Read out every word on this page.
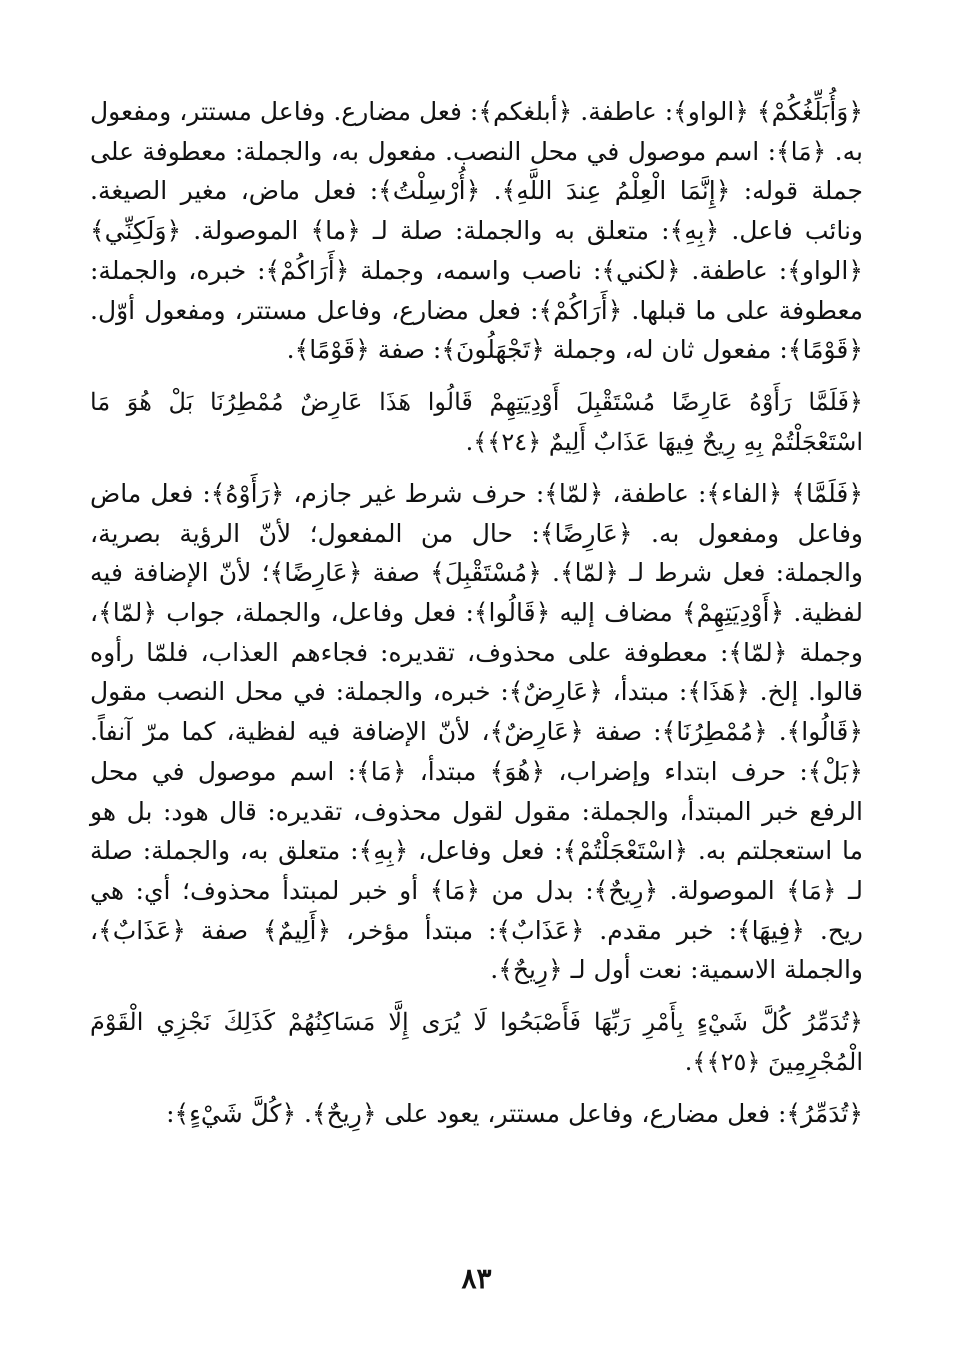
﴿وَأُبَلِّغُكُمْ﴾ ﴿الواو﴾: عاطفة. ﴿أبلغكم﴾: فعل مضارع. وفاعل مستتر، ومفعول به. ﴿مَا﴾: اسم موصول في محل النصب. مفعول به، والجملة: معطوفة على جملة قوله: ﴿إِنَّمَا الْعِلْمُ عِندَ اللَّهِ﴾. ﴿أُرْسِلْتُ﴾: فعل ماض، مغير الصيغة. ونائب فاعل. ﴿بِهِ﴾: متعلق به والجملة: صلة لـ ﴿ما﴾ الموصولة. ﴿وَلَكِنِّي﴾ ﴿الواو﴾: عاطفة. ﴿لكني﴾: ناصب واسمه، وجملة ﴿أَرَاكُمْ﴾: خبره، والجملة: معطوفة على ما قبلها. ﴿أَرَاكُمْ﴾: فعل مضارع، وفاعل مستتر، ومفعول أوّل. ﴿قَوْمًا﴾: مفعول ثان له، وجملة ﴿تَجْهَلُونَ﴾: صفة ﴿قَوْمًا﴾.

﴿فَلَمَّا رَأَوْهُ عَارِضًا مُسْتَقْبِلَ أَوْدِيَتِهِمْ قَالُوا هَذَا عَارِضٌ مُمْطِرُنَا بَلْ هُوَ مَا اسْتَعْجَلْتُمْ بِهِ رِيحٌ فِيهَا عَذَابٌ أَلِيمٌ ﴿٢٤﴾﴾.

﴿فَلَمَّا﴾ ﴿الفاء﴾: عاطفة، ﴿لمّا﴾: حرف شرط غير جازم، ﴿رَأَوْهُ﴾: فعل ماض وفاعل ومفعول به. ﴿عَارِضًا﴾: حال من المفعول؛ لأنّ الرؤية بصرية، والجملة: فعل شرط لـ ﴿لمّا﴾. ﴿مُسْتَقْبِلَ﴾ صفة ﴿عَارِضًا﴾؛ لأنّ الإضافة فيه لفظية. ﴿أَوْدِيَتِهِمْ﴾ مضاف إليه ﴿قَالُوا﴾: فعل وفاعل، والجملة، جواب ﴿لمّا﴾، وجملة ﴿لمّا﴾: معطوفة على محذوف، تقديره: فجاءهم العذاب، فلمّا رأوه قالوا. إلخ. ﴿هَذَا﴾: مبتدأ، ﴿عَارِضٌ﴾: خبره، والجملة: في محل النصب مقول ﴿قَالُوا﴾. ﴿مُمْطِرُنَا﴾: صفة ﴿عَارِضٌ﴾، لأنّ الإضافة فيه لفظية، كما مرّ آنفاً. ﴿بَلْ﴾: حرف ابتداء وإضراب، ﴿هُوَ﴾ مبتدأ، ﴿مَا﴾: اسم موصول في محل الرفع خبر المبتدأ، والجملة: مقول لقول محذوف، تقديره: قال هود: بل هو ما استعجلتم به. ﴿اسْتَعْجَلْتُمْ﴾: فعل وفاعل، ﴿بِهِ﴾: متعلق به، والجملة: صلة لـ ﴿مَا﴾ الموصولة. ﴿رِيحٌ﴾: بدل من ﴿مَا﴾ أو خبر لمبتدأ محذوف؛ أي: هي ريح. ﴿فِيهَا﴾: خبر مقدم. ﴿عَذَابٌ﴾: مبتدأ مؤخر، ﴿أَلِيمٌ﴾ صفة ﴿عَذَابٌ﴾، والجملة الاسمية: نعت أول لـ ﴿رِيحٌ﴾.

﴿تُدَمِّرُ كُلَّ شَيْءٍ بِأَمْرِ رَبِّهَا فَأَصْبَحُوا لَا يُرَى إِلَّا مَسَاكِنُهُمْ كَذَلِكَ نَجْزِي الْقَوْمَ الْمُجْرِمِينَ ﴿٢٥﴾﴾.

﴿تُدَمِّرُ﴾: فعل مضارع، وفاعل مستتر، يعود على ﴿رِيحٌ﴾. ﴿كُلَّ شَيْءٍ﴾:

٨٣
